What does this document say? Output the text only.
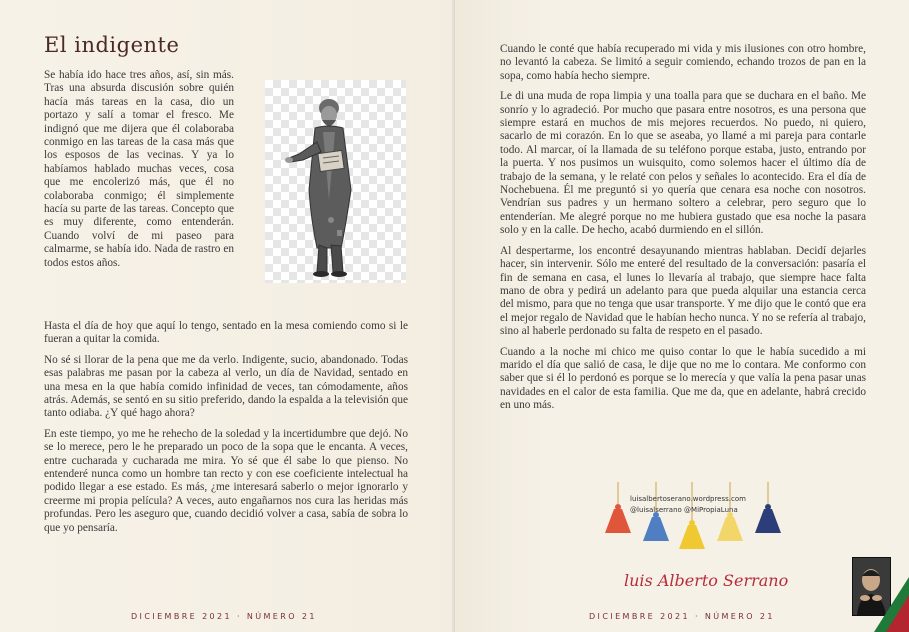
El indigente

Se había ido hace tres años, así, sin más. Tras una absurda discusión sobre quién hacía más tareas en la casa, dio un portazo y salí a tomar el fresco. Me indignó que me dijera que él colaboraba conmigo en las tareas de la casa más que los esposos de las vecinas. Y ya lo habíamos hablado muchas veces, cosa que me encolerizó más, que él no colaboraba conmigo; él simplemente hacía su parte de las tareas. Concepto que es muy diferente, como entenderán. Cuando volví de mi paseo para calmarme, se había ido. Nada de rastro en todos estos años.

Hasta el día de hoy que aquí lo tengo, sentado en la mesa comiendo como si le fueran a quitar la comida.

No sé si llorar de la pena que me da verlo. Indigente, sucio, abandonado. Todas esas palabras me pasan por la cabeza al verlo, un día de Navidad, sentado en una mesa en la que había comido infinidad de veces, tan cómodamente, años atrás. Además, se sentó en su sitio preferido, dando la espalda a la televisión que tanto odiaba. ¿Y qué hago ahora?

En este tiempo, yo me he rehecho de la soledad y la incertidumbre que dejó. No se lo merece, pero le he preparado un poco de la sopa que le encanta. A veces, entre cucharada y cucharada me mira. Yo sé que él sabe lo que pienso. No entenderé nunca como un hombre tan recto y con ese coeficiente intelectual ha podido llegar a ese estado. Es más, ¿me interesará saberlo o mejor ignorarlo y creerme mi propia película? A veces, auto engañarnos nos cura las heridas más profundas. Pero les aseguro que, cuando decidió volver a casa, sabía de sobra lo que yo pensaría.

DICIEMBRE 2021 · NÚMERO 21

Cuando le conté que había recuperado mi vida y mis ilusiones con otro hombre, no levantó la cabeza. Se limitó a seguir comiendo, echando trozos de pan en la sopa, como había hecho siempre.

Le di una muda de ropa limpia y una toalla para que se duchara en el baño. Me sonrío y lo agradeció. Por mucho que pasara entre nosotros, es una persona que siempre estará en muchos de mis mejores recuerdos. No puedo, ni quiero, sacarlo de mi corazón. En lo que se aseaba, yo llamé a mi pareja para contarle todo. Al marcar, oí la llamada de su teléfono porque estaba, justo, entrando por la puerta. Y nos pusimos un wuisquito, como solemos hacer el último día de trabajo de la semana, y le relaté con pelos y señales lo acontecido. Era el día de Nochebuena. Él me preguntó si yo quería que cenara esa noche con nosotros. Vendrían sus padres y un hermano soltero a celebrar, pero seguro que lo entenderían. Me alegré porque no me hubiera gustado que esa noche la pasara solo y en la calle. De hecho, acabó durmiendo en el sillón.

Al despertarme, los encontré desayunando mientras hablaban. Decidí dejarles hacer, sin intervenir. Sólo me enteré del resultado de la conversación: pasaría el fin de semana en casa, el lunes lo llevaría al trabajo, que siempre hace falta mano de obra y pedirá un adelanto para que pueda alquilar una estancia cerca del mismo, para que no tenga que usar transporte. Y me dijo que le contó que era el mejor regalo de Navidad que le habían hecho nunca. Y no se refería al trabajo, sino al haberle perdonado su falta de respeto en el pasado.

Cuando a la noche mi chico me quiso contar lo que le había sucedido a mi marido el día que salió de casa, le dije que no me lo contara. Me conformo con saber que si él lo perdonó es porque se lo merecía y que valía la pena pasar unas navidades en el calor de esta familia. Que me da, que en adelante, habrá crecido en uno más.

luisalbertoserano.wordpress.com
@luisalserrano @MiPropiaLuna
luis Alberto Serrano
DICIEMBRE 2021 · NÚMERO 21
